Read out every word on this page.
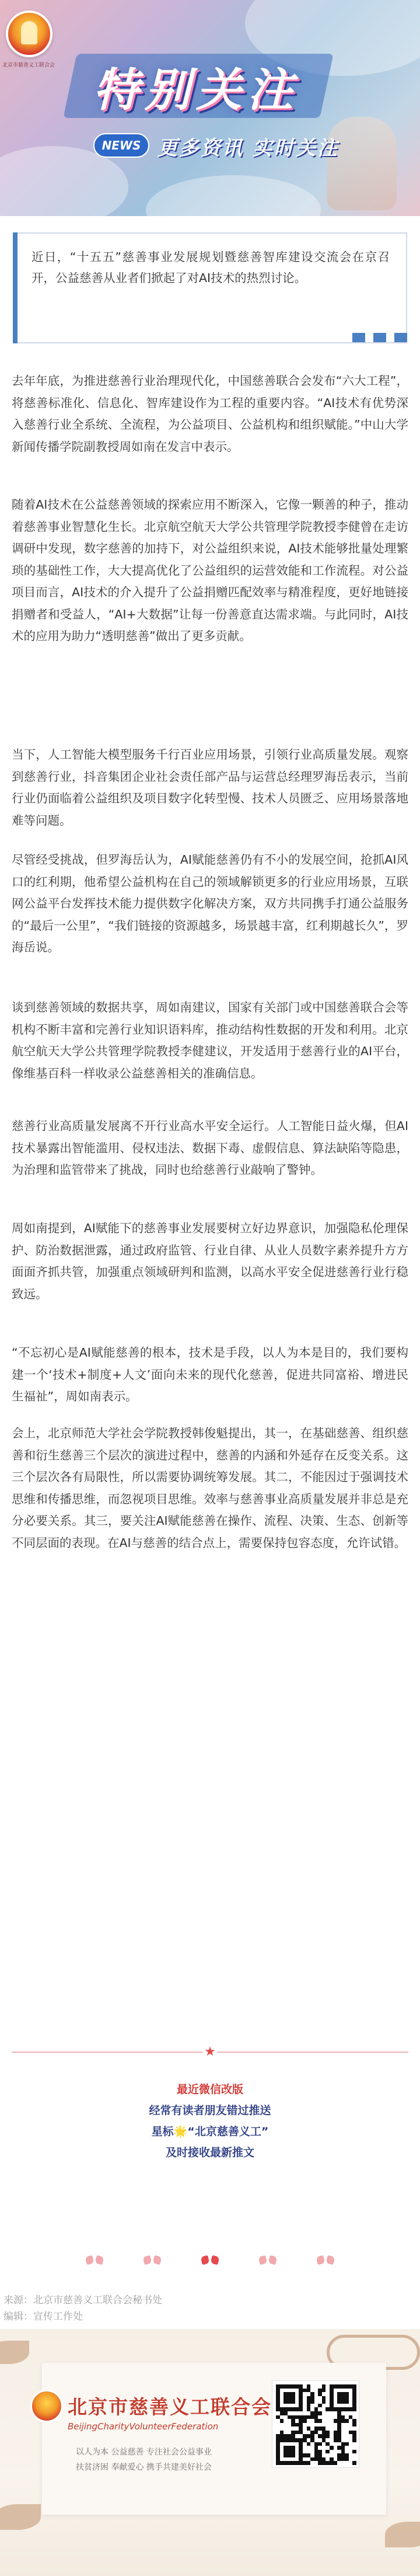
北京市慈善义工联合会 特别关注
NEWS 更多资讯 实时关注

近日，“十五五”慈善事业发展规划暨慈善智库建设交流会在京召开，公益慈善从业者们掀起了对AI技术的热烈讨论。

去年年底，为推进慈善行业治理现代化，中国慈善联合会发布“六大工程”，将慈善标准化、信息化、智库建设作为工程的重要内容。“AI技术有优势深入慈善行业全系统、全流程，为公益项目、公益机构和组织赋能。”中山大学新闻传播学院副教授周如南在发言中表示。

随着AI技术在公益慈善领域的探索应用不断深入，它像一颗善的种子，推动着慈善事业智慧化生长。北京航空航天大学公共管理学院教授李健曾在走访调研中发现，数字慈善的加持下，对公益组织来说，AI技术能够批量处理繁琐的基础性工作，大大提高优化了公益组织的运营效能和工作流程。对公益项目而言，AI技术的介入提升了公益捐赠匹配效率与精准程度，更好地链接捐赠者和受益人，“AI+大数据”让每一份善意直达需求端。与此同时，AI技术的应用为助力“透明慈善”做出了更多贡献。

当下，人工智能大模型服务千行百业应用场景，引领行业高质量发展。观察到慈善行业，抖音集团企业社会责任部产品与运营总经理罗海岳表示，当前行业仍面临着公益组织及项目数字化转型慢、技术人员匮乏、应用场景落地难等问题。

尽管经受挑战，但罗海岳认为，AI赋能慈善仍有不小的发展空间，抢抓AI风口的红利期，他希望公益机构在自己的领域解锁更多的行业应用场景，互联网公益平台发挥技术能力提供数字化解决方案，双方共同携手打通公益服务的“最后一公里”，“我们链接的资源越多，场景越丰富，红利期越长久”，罗海岳说。

谈到慈善领域的数据共享，周如南建议，国家有关部门或中国慈善联合会等机构不断丰富和完善行业知识语料库，推动结构性数据的开发和利用。北京航空航天大学公共管理学院教授李健建议，开发适用于慈善行业的AI平台，像维基百科一样收录公益慈善相关的准确信息。

慈善行业高质量发展离不开行业高水平安全运行。人工智能日益火爆，但AI技术暴露出智能滥用、侵权违法、数据下毒、虚假信息、算法缺陷等隐患，为治理和监管带来了挑战，同时也给慈善行业敲响了警钟。

周如南提到，AI赋能下的慈善事业发展要树立好边界意识，加强隐私伦理保护、防治数据泄露，通过政府监管、行业自律、从业人员数字素养提升方方面面齐抓共管，加强重点领域研判和监测，以高水平安全促进慈善行业行稳致远。

“不忘初心是AI赋能慈善的根本，技术是手段，以人为本是目的，我们要构建一个‘技术+制度+人文’面向未来的现代化慈善，促进共同富裕、增进民生福祉”，周如南表示。

会上，北京师范大学社会学院教授韩俊魁提出，其一，在基础慈善、组织慈善和衍生慈善三个层次的演进过程中，慈善的内涵和外延存在反变关系。这三个层次各有局限性，所以需要协调统筹发展。其二，不能因过于强调技术思维和传播思维，而忽视项目思维。效率与慈善事业高质量发展并非总是充分必要关系。其三，要关注AI赋能慈善在操作、流程、决策、生态、创新等不同层面的表现。在AI与慈善的结合点上，需要保持包容态度，允许试错。

★
最近微信改版
经常有读者朋友错过推送
星标🌟“北京慈善义工”
及时接收最新推文

来源：北京市慈善义工联合会秘书处
编辑：宣传工作处
北京市慈善义工联合会
BeijingCharityVolunteerFederation
以人为本 公益慈善 专注社会公益事业
扶贫济困 奉献爱心 携手共建美好社会
